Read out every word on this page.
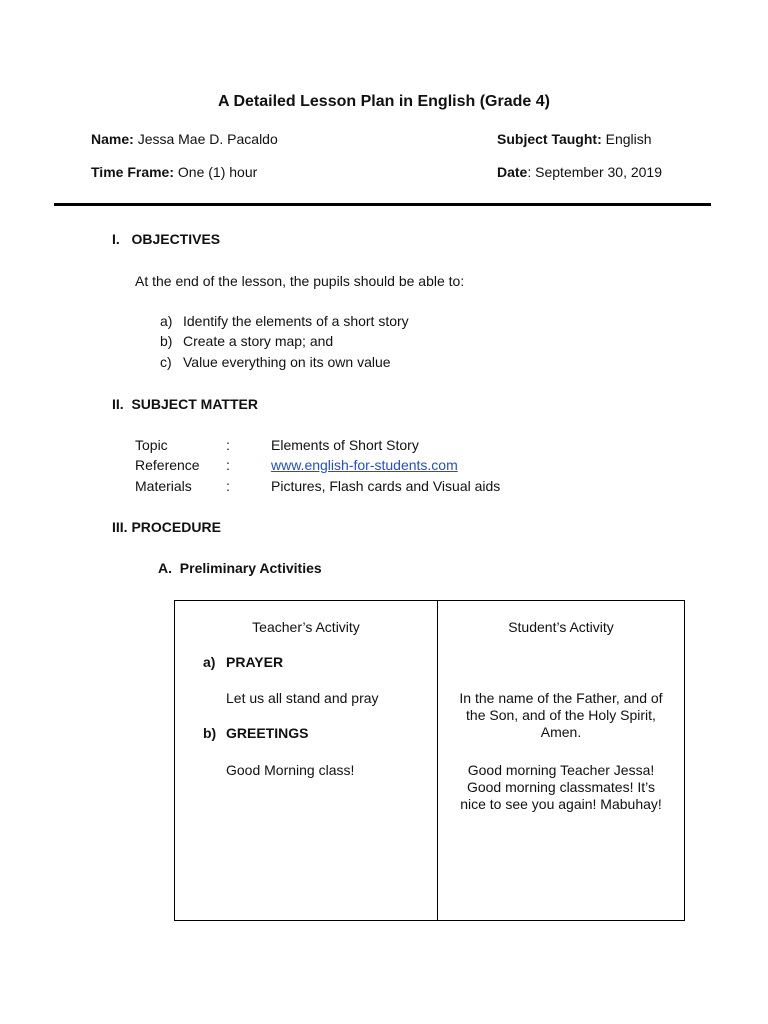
A Detailed Lesson Plan in English (Grade 4)
Name: Jessa Mae D. Pacaldo	Subject Taught: English
Time Frame: One (1) hour	Date: September 30, 2019
I.   OBJECTIVES
At the end of the lesson, the pupils should be able to:
a) Identify the elements of a short story
b) Create a story map; and
c) Value everything on its own value
II.  SUBJECT MATTER
Topic	:	Elements of Short Story
Reference :	www.english-for-students.com
Materials :	Pictures, Flash cards and Visual aids
III. PROCEDURE
A.  Preliminary Activities
Teacher’s Activity	Student’s Activity
a) PRAYER
Let us all stand and pray	In the name of the Father, and of
the Son, and of the Holy Spirit,
Amen.
b) GREETINGS
Good Morning class!	Good morning Teacher Jessa!
Good morning classmates! It’s
nice to see you again! Mabuhay!
